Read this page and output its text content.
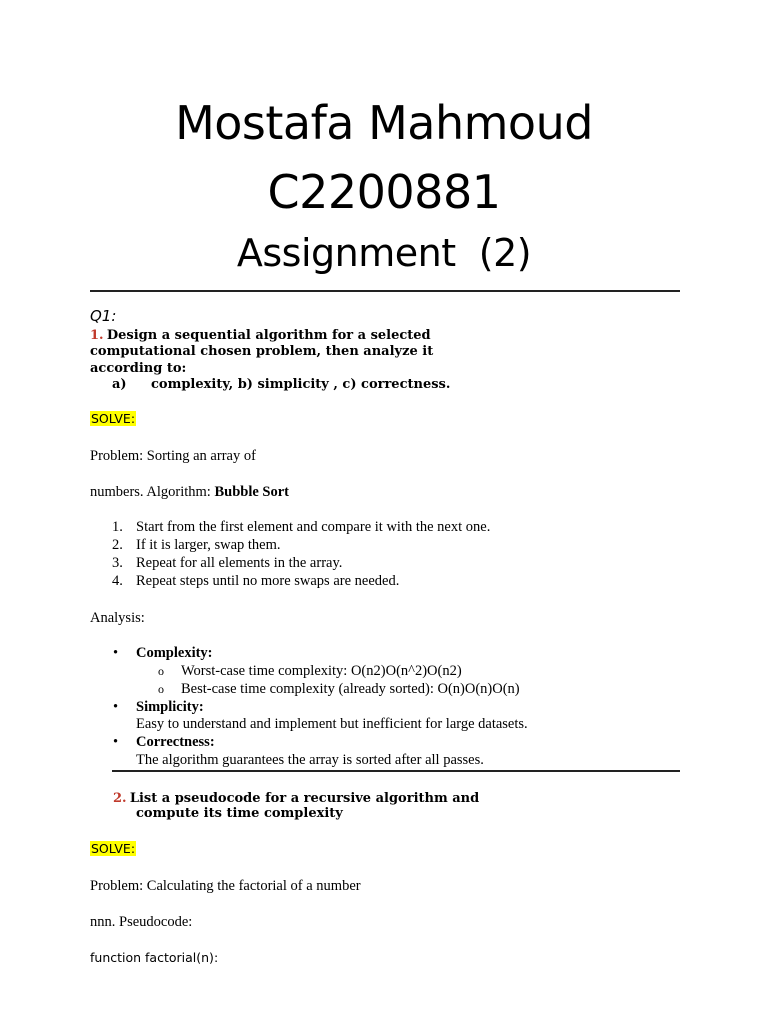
Mostafa Mahmoud
C2200881
Assignment  (2)
Q1:
1. Design a sequential algorithm for a selected
computational chosen problem, then analyze it
according to:
a) complexity, b) simplicity , c) correctness.
SOLVE:
Problem: Sorting an array of
numbers. Algorithm: Bubble Sort
1. Start from the first element and compare it with the next one.
2. If it is larger, swap them.
3. Repeat for all elements in the array.
4. Repeat steps until no more swaps are needed.
Analysis:
• Complexity:
o Worst-case time complexity: O(n2)O(n^2)O(n2)
o Best-case time complexity (already sorted): O(n)O(n)O(n)
• Simplicity:
Easy to understand and implement but inefficient for large datasets.
• Correctness:
The algorithm guarantees the array is sorted after all passes.
2. List a pseudocode for a recursive algorithm and
compute its time complexity
SOLVE:
Problem: Calculating the factorial of a number
nnn. Pseudocode:
function factorial(n):
